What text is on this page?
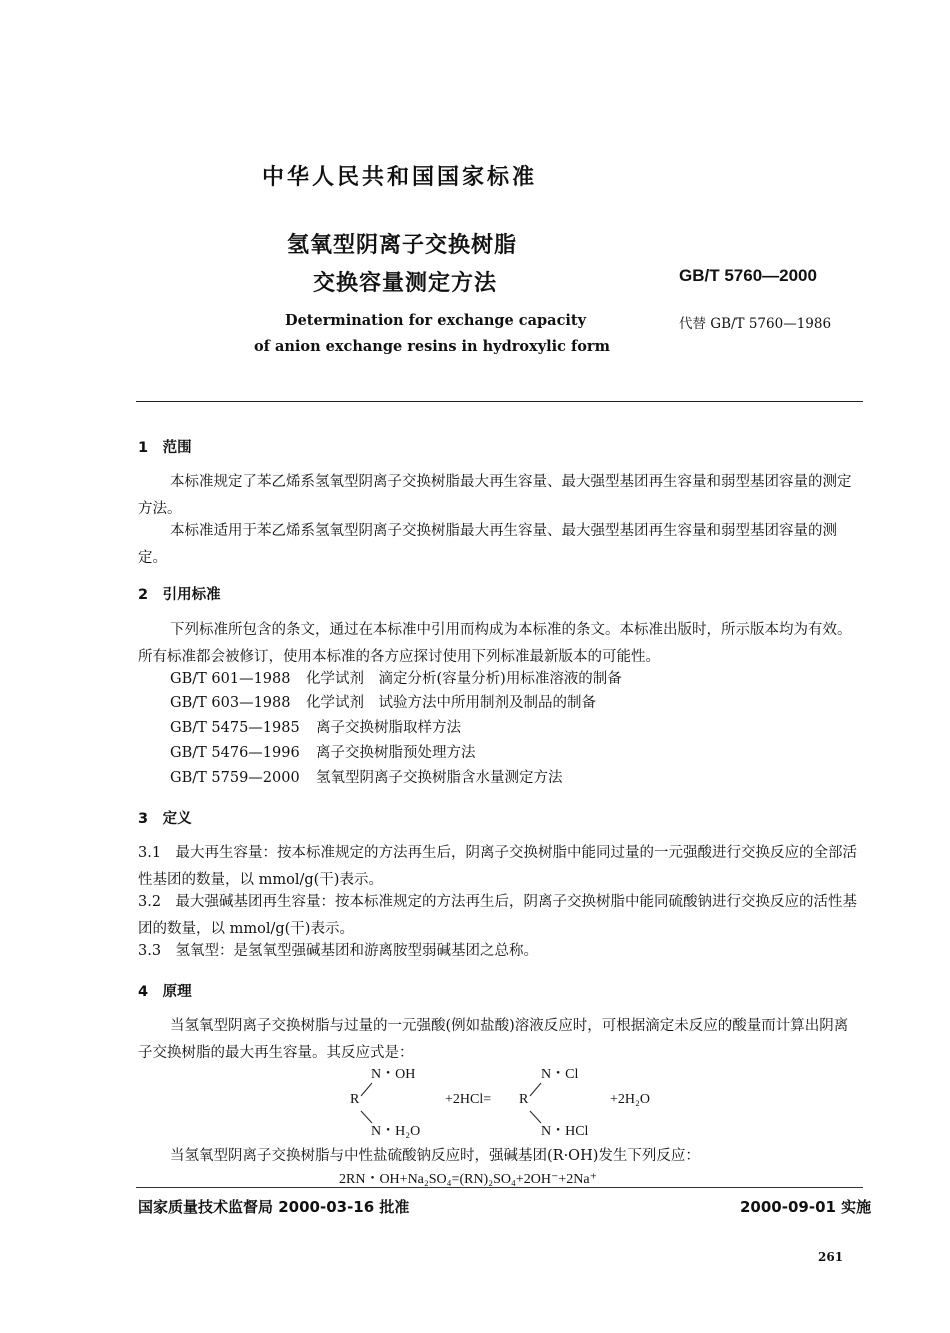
中华人民共和国国家标准
氢氧型阴离子交换树脂
交换容量测定方法	GB/T 5760—2000
Determination for exchange capacity
of anion exchange resins in hydroxylic form
代替 GB/T 5760—1986
1　范围
本标准规定了苯乙烯系氢氧型阴离子交换树脂最大再生容量、最大强型基团再生容量和弱型基团容量的测定方法。
本标准适用于苯乙烯系氢氧型阴离子交换树脂最大再生容量、最大强型基团再生容量和弱型基团容量的测定。
2　引用标准
下列标准所包含的条文，通过在本标准中引用而构成为本标准的条文。本标准出版时，所示版本均为有效。所有标准都会被修订，使用本标准的各方应探讨使用下列标准最新版本的可能性。
GB/T 601—1988 化学试剂　滴定分析(容量分析)用标准溶液的制备
GB/T 603—1988 化学试剂　试验方法中所用制剂及制品的制备
GB/T 5475—1985 离子交换树脂取样方法
GB/T 5476—1996 离子交换树脂预处理方法
GB/T 5759—2000 氢氧型阴离子交换树脂含水量测定方法
3　定义
3.1　最大再生容量：按本标准规定的方法再生后，阴离子交换树脂中能同过量的一元强酸进行交换反应的全部活性基团的数量，以 mmol/g(干)表示。
3.2　最大强碱基团再生容量：按本标准规定的方法再生后，阴离子交换树脂中能同硫酸钠进行交换反应的活性基团的数量，以 mmol/g(干)表示。
3.3　氢氧型：是氢氧型强碱基团和游离胺型弱碱基团之总称。
4　原理
当氢氧型阴离子交换树脂与过量的一元强酸(例如盐酸)溶液反应时，可根据滴定未反应的酸量而计算出阴离子交换树脂的最大再生容量。其反应式是：
N・OH
R
N・H₂O
+2HCl=
N・Cl
R
N・HCl
+2H₂O
当氢氧型阴离子交换树脂与中性盐硫酸钠反应时，强碱基团(R·OH)发生下列反应：
2RN・OH+Na₂SO₄=(RN)₂SO₄+2OH⁻+2Na⁺
国家质量技术监督局 2000-03-16 批准	2000-09-01 实施
261
